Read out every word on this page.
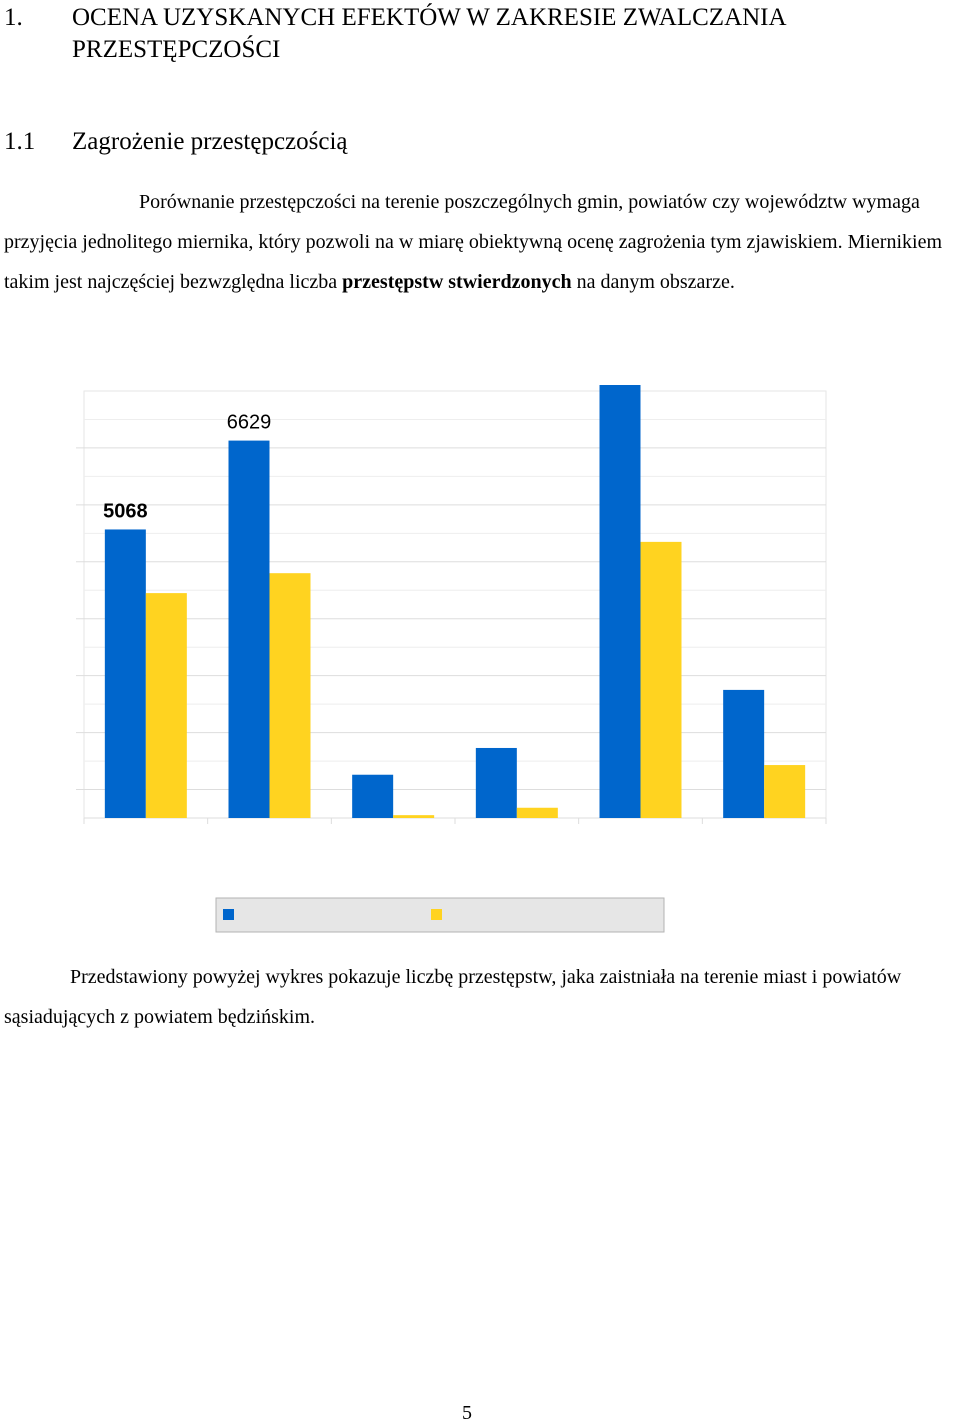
1. OCENA UZYSKANYCH EFEKTÓW W ZAKRESIE ZWALCZANIA
PRZESTĘPCZOŚCI
1.1 Zagrożenie przestępczością
Porównanie przestępczości na terenie poszczególnych gmin, powiatów czy województw wymaga przyjęcia jednolitego miernika, który pozwoli na w miarę obiektywną ocenę zagrożenia tym zjawiskiem. Miernikiem takim jest najczęściej bezwzględna liczba przestępstw stwierdzonych na danym obszarze.
5068
6629
Przedstawiony powyżej wykres pokazuje liczbę przestępstw, jaka zaistniała na terenie miast i powiatów sąsiadujących z powiatem będzińskim.
5
